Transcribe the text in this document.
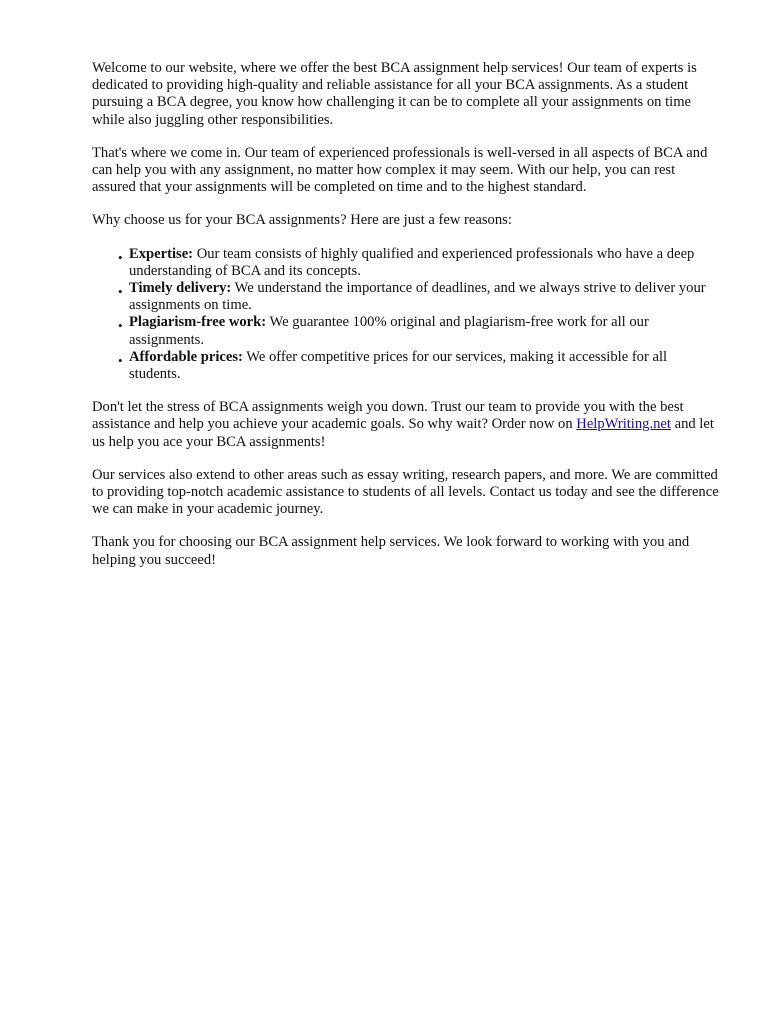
Welcome to our website, where we offer the best BCA assignment help services! Our team of experts is dedicated to providing high-quality and reliable assistance for all your BCA assignments. As a student pursuing a BCA degree, you know how challenging it can be to complete all your assignments on time while also juggling other responsibilities.

That's where we come in. Our team of experienced professionals is well-versed in all aspects of BCA and can help you with any assignment, no matter how complex it may seem. With our help, you can rest assured that your assignments will be completed on time and to the highest standard.

Why choose us for your BCA assignments? Here are just a few reasons:

• Expertise: Our team consists of highly qualified and experienced professionals who have a deep understanding of BCA and its concepts.
• Timely delivery: We understand the importance of deadlines, and we always strive to deliver your assignments on time.
• Plagiarism-free work: We guarantee 100% original and plagiarism-free work for all our assignments.
• Affordable prices: We offer competitive prices for our services, making it accessible for all students.

Don't let the stress of BCA assignments weigh you down. Trust our team to provide you with the best assistance and help you achieve your academic goals. So why wait? Order now on HelpWriting.net and let us help you ace your BCA assignments!

Our services also extend to other areas such as essay writing, research papers, and more. We are committed to providing top-notch academic assistance to students of all levels. Contact us today and see the difference we can make in your academic journey.

Thank you for choosing our BCA assignment help services. We look forward to working with you and helping you succeed!
